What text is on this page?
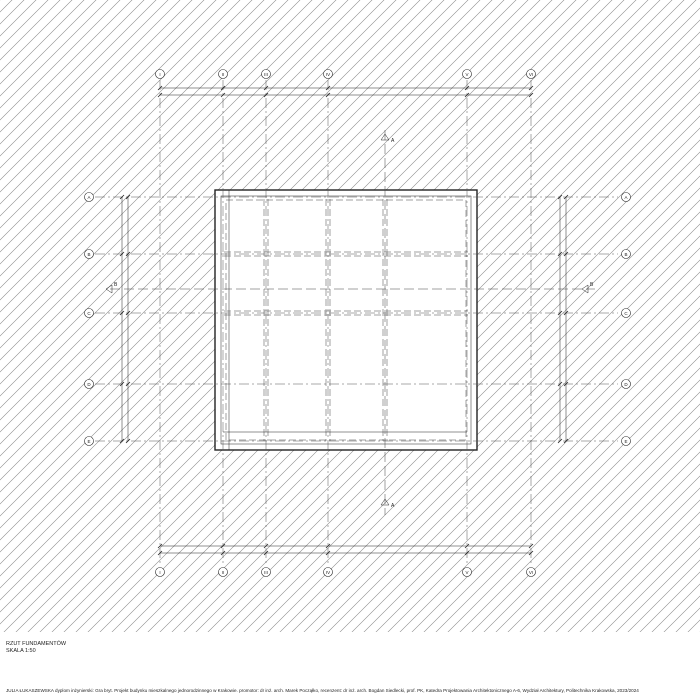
I
I
II
II
III
III
IV
IV
V
V
VI
VI
A	A
B	B
C	C
D	D
E	E
A
A
B	B
RZUT FUNDAMENTÓW
SKALA 1:50
JULIA ŁUKASZEWSKA dyplom inżynierski: Gra bryt. Projekt budynku mieszkalnego jednorodzinnego w Krakowie. promotor: dr inż. arch. Marek Począłko, recenzent: dr inż. arch. Bogdan Siedlecki, prof. PK, Katedra Projektowania Architektonicznego A-6, Wydział Architektury, Politechnika Krakowska, 2023/2024
